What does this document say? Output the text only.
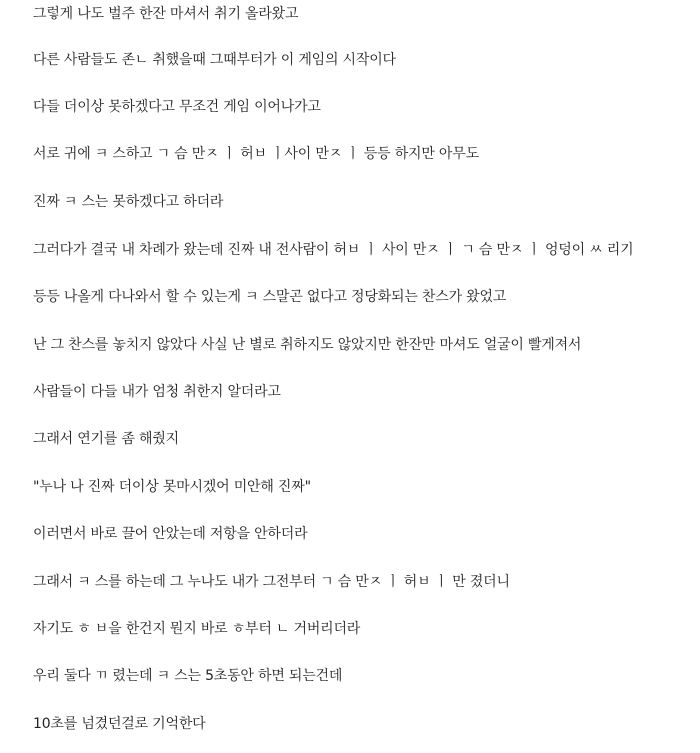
그렇게 나도 벌주 한잔 마셔서 취기 올라왔고

다른 사람들도 존ㄴ 취했을때 그때부터가 이 게임의 시작이다

다들 더이상 못하겠다고 무조건 게임 이어나가고

서로 귀에 ㅋ 스하고 ㄱ 슴 만ㅈ ㅣ 허ㅂ ㅣ사이 만ㅈ ㅣ 등등 하지만 아무도

진짜 ㅋ 스는 못하겠다고 하더라

그러다가 결국 내 차례가 왔는데 진짜 내 전사람이 허ㅂ ㅣ 사이 만ㅈ ㅣ ㄱ 슴 만ㅈ ㅣ 엉덩이 ㅆ 리기

등등 나올게 다나와서 할 수 있는게 ㅋ 스말곤 없다고 정당화되는 찬스가 왔었고

난 그 찬스를 놓치지 않았다 사실 난 별로 취하지도 않았지만 한잔만 마셔도 얼굴이 빨게져서

사람들이 다들 내가 엄청 취한지 알더라고

그래서 연기를 좀 해줬지

"누나 나 진짜 더이상 못마시겠어 미안해 진짜"

이러면서 바로 끌어 안았는데 저항을 안하더라

그래서 ㅋ 스를 하는데 그 누나도 내가 그전부터 ㄱ 슴 만ㅈ ㅣ 허ㅂ ㅣ 만 졌더니

자기도 ㅎ ㅂ을 한건지 뭔지 바로 ㅎ부터 ㄴ 거버리더라

우리 둘다 ㄲ 렸는데 ㅋ 스는 5초동안 하면 되는건데

10초를 넘겼던걸로 기억한다
